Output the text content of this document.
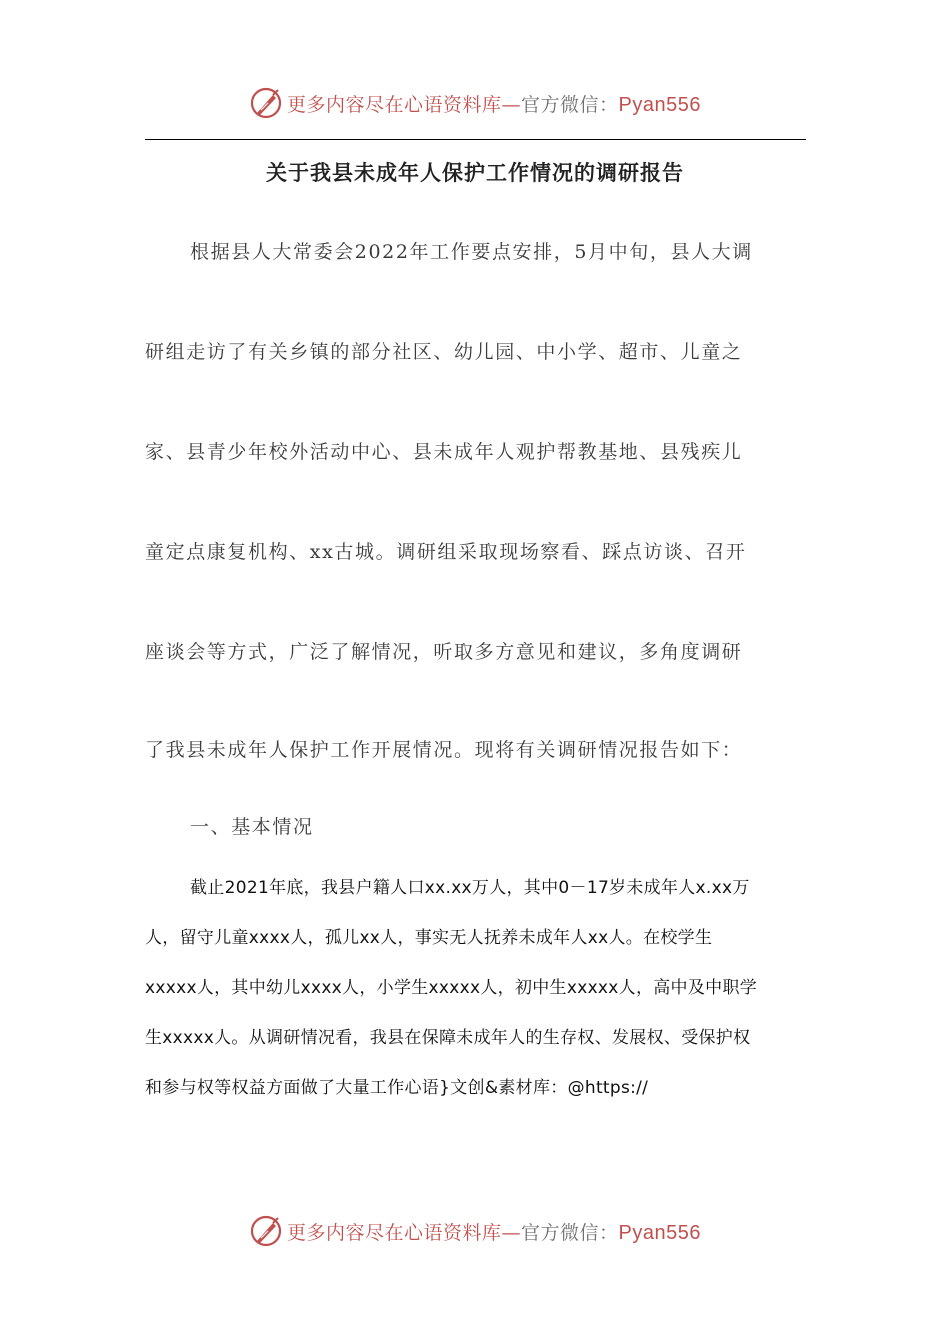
更多内容尽在心语资料库—官方微信：Pyan556
关于我县未成年人保护工作情况的调研报告
根据县人大常委会2022年工作要点安排，5月中旬，县人大调
研组走访了有关乡镇的部分社区、幼儿园、中小学、超市、儿童之
家、县青少年校外活动中心、县未成年人观护帮教基地、县残疾儿
童定点康复机构、xx古城。调研组采取现场察看、踩点访谈、召开
座谈会等方式，广泛了解情况，听取多方意见和建议，多角度调研
了我县未成年人保护工作开展情况。现将有关调研情况报告如下：
一、基本情况
截止2021年底，我县户籍人口xx.xx万人，其中0－17岁未成年人x.xx万
人，留守儿童xxxx人，孤儿xx人，事实无人抚养未成年人xx人。在校学生
xxxxx人，其中幼儿xxxx人，小学生xxxxx人，初中生xxxxx人，高中及中职学
生xxxxx人。从调研情况看，我县在保障未成年人的生存权、发展权、受保护权
和参与权等权益方面做了大量工作心语}文创&素材库：@https://
更多内容尽在心语资料库—官方微信：Pyan556
